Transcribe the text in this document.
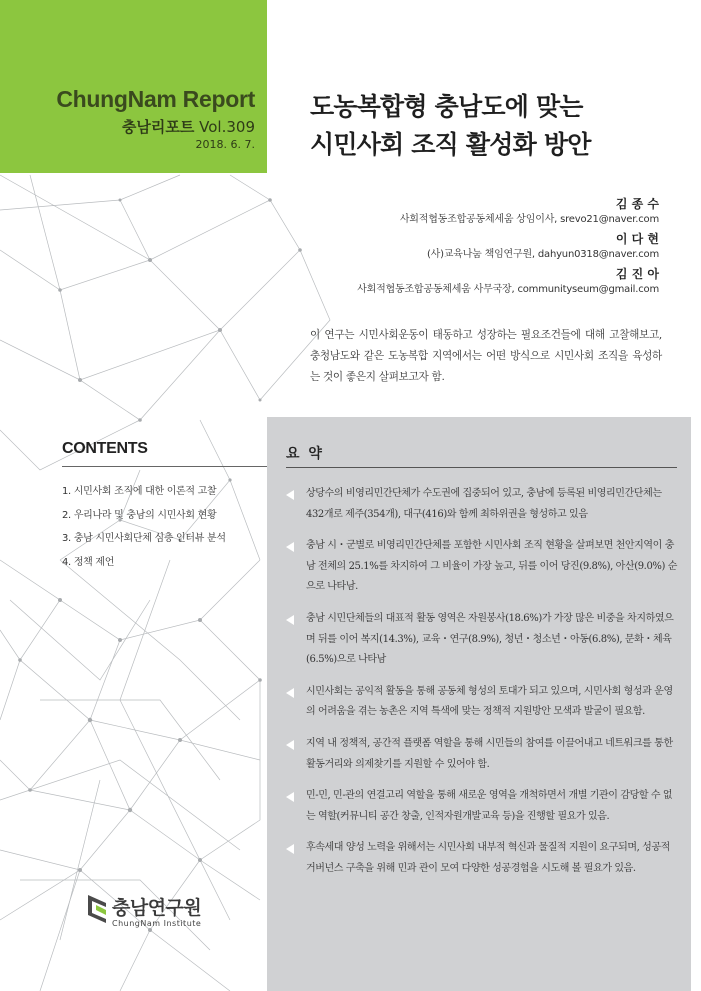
ChungNam Report
충남리포트 Vol.309
2018. 6. 7.
도농복합형 충남도에 맞는
시민사회 조직 활성화 방안
김 종 수
사회적협동조합공동체세움 상임이사, srevo21@naver.com
이 다 현
(사)교육나눔 책임연구원, dahyun0318@naver.com
김 진 아
사회적협동조합공동체세움 사무국장, communityseum@gmail.com
이 연구는 시민사회운동이 태동하고 성장하는 필요조건들에 대해 고찰해보고, 충청남도와 같은 도농복합 지역에서는 어떤 방식으로 시민사회 조직을 육성하는 것이 좋은지 살펴보고자 함.
CONTENTS
1. 시민사회 조직에 대한 이론적 고찰
2. 우리나라 및 충남의 시민사회 현황
3. 충남 시민사회단체 심층 인터뷰 분석
4. 정책 제언
요 약
상당수의 비영리민간단체가 수도권에 집중되어 있고, 충남에 등록된 비영리민간단체는 432개로 제주(354개), 대구(416)와 함께 최하위권을 형성하고 있음
충남 시・군별로 비영리민간단체를 포함한 시민사회 조직 현황을 살펴보면 천안지역이 충남 전체의 25.1%를 차지하여 그 비율이 가장 높고, 뒤를 이어 당진(9.8%), 아산(9.0%) 순으로 나타남.
충남 시민단체들의 대표적 활동 영역은 자원봉사(18.6%)가 가장 많은 비중을 차지하였으며 뒤를 이어 복지(14.3%), 교육・연구(8.9%), 청년・청소년・아동(6.8%), 문화・체육(6.5%)으로 나타남
시민사회는 공익적 활동을 통해 공동체 형성의 토대가 되고 있으며, 시민사회 형성과 운영의 어려움을 겪는 농촌은 지역 특색에 맞는 정책적 지원방안 모색과 발굴이 필요함.
지역 내 정책적, 공간적 플랫폼 역할을 통해 시민들의 참여를 이끌어내고 네트워크를 통한 활동거리와 의제찾기를 지원할 수 있어야 함.
민-민, 민-관의 연결고리 역할을 통해 새로운 영역을 개척하면서 개별 기관이 감당할 수 없는 역할(커뮤니티 공간 창출, 인적자원개발교육 등)을 진행할 필요가 있음.
후속세대 양성 노력을 위해서는 시민사회 내부적 혁신과 물질적 지원이 요구되며, 성공적 거버넌스 구축을 위해 민과 관이 모여 다양한 성공경험을 시도해 볼 필요가 있음.
충남연구원
ChungNam Institute
